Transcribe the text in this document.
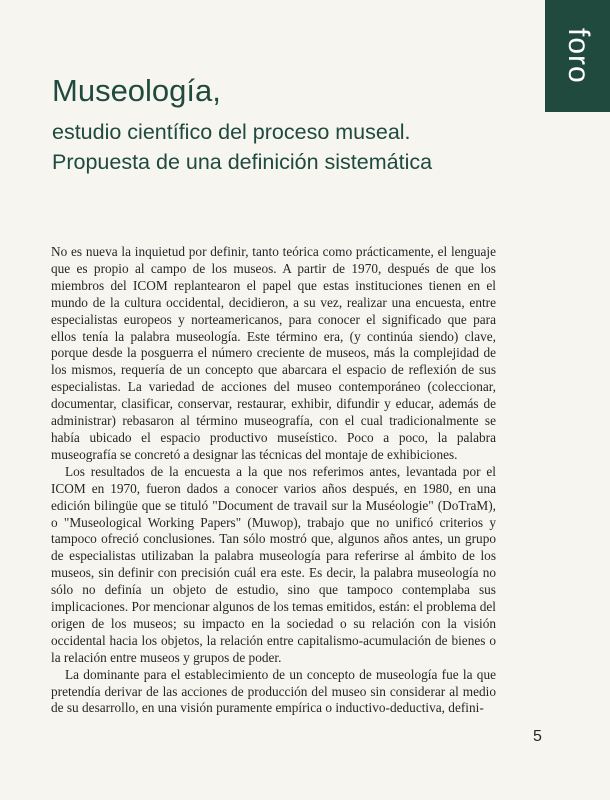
foro
Museología,
estudio científico del proceso museal.
Propuesta de una definición sistemática

No es nueva la inquietud por definir, tanto teórica como prácticamente, el lenguaje que es propio al campo de los museos. A partir de 1970, después de que los miembros del ICOM replantearon el papel que estas instituciones tienen en el mundo de la cultura occidental, decidieron, a su vez, realizar una encuesta, entre especialistas europeos y norteamericanos, para conocer el significado que para ellos tenía la palabra museología. Este término era, (y continúa siendo) clave, porque desde la posguerra el número creciente de museos, más la complejidad de los mismos, requería de un concepto que abarcara el espacio de reflexión de sus especialistas. La variedad de acciones del museo contemporáneo (coleccionar, documentar, clasificar, conservar, restaurar, exhibir, difundir y educar, además de administrar) rebasaron al término museografía, con el cual tradicionalmente se había ubicado el espacio productivo museístico. Poco a poco, la palabra museografía se concretó a designar las técnicas del montaje de exhibiciones.

Los resultados de la encuesta a la que nos referimos antes, levantada por el ICOM en 1970, fueron dados a conocer varios años después, en 1980, en una edición bilingüe que se tituló "Document de travail sur la Muséologie" (DoTraM), o "Museological Working Papers" (Muwop), trabajo que no unificó criterios y tampoco ofreció conclusiones. Tan sólo mostró que, algunos años antes, un grupo de especialistas utilizaban la palabra museología para referirse al ámbito de los museos, sin definir con precisión cuál era este. Es decir, la palabra museología no sólo no definía un objeto de estudio, sino que tampoco contemplaba sus implicaciones. Por mencionar algunos de los temas emitidos, están: el problema del origen de los museos; su impacto en la sociedad o su relación con la visión occidental hacia los objetos, la relación entre capitalismo-acumulación de bienes o la relación entre museos y grupos de poder.

La dominante para el establecimiento de un concepto de museología fue la que pretendía derivar de las acciones de producción del museo sin considerar al medio de su desarrollo, en una visión puramente empírica o inductivo-deductiva, defini-

5
